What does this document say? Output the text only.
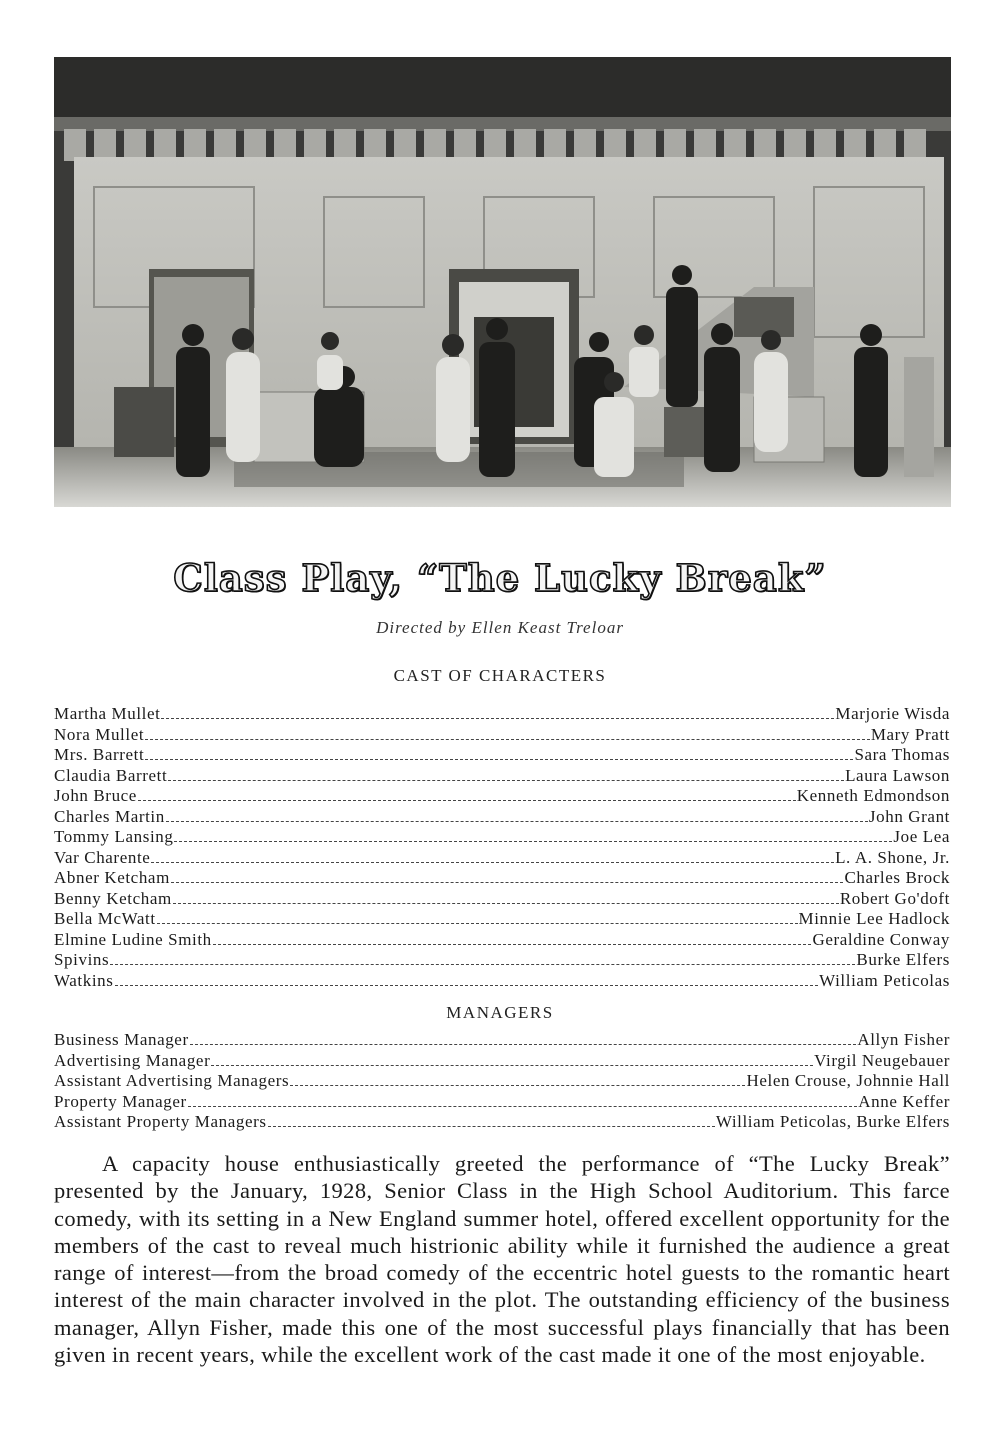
Class Play, “The Lucky Break”
Directed by Ellen Keast Treloar
CAST OF CHARACTERS
Martha Mullet	Marjorie Wisda
Nora Mullet	Mary Pratt
Mrs. Barrett	Sara Thomas
Claudia Barrett	Laura Lawson
John Bruce	Kenneth Edmondson
Charles Martin	John Grant
Tommy Lansing	Joe Lea
Var Charente	L. A. Shone, Jr.
Abner Ketcham	Charles Brock
Benny Ketcham	Robert Go'doft
Bella McWatt	Minnie Lee Hadlock
Elmine Ludine Smith	Geraldine Conway
Spivins	Burke Elfers
Watkins	William Peticolas
MANAGERS
Business Manager	Allyn Fisher
Advertising Manager	Virgil Neugebauer
Assistant Advertising Managers	Helen Crouse, Johnnie Hall
Property Manager	Anne Keffer
Assistant Property Managers	William Peticolas, Burke Elfers
A capacity house enthusiastically greeted the performance of “The Lucky Break” presented by the January, 1928, Senior Class in the High School Auditorium. This farce comedy, with its setting in a New England summer hotel, offered excellent opportunity for the members of the cast to reveal much histrionic ability while it furnished the audience a great range of interest—from the broad comedy of the eccentric hotel guests to the romantic heart interest of the main character involved in the plot. The outstanding efficiency of the business manager, Allyn Fisher, made this one of the most successful plays financially that has been given in recent years, while the excellent work of the cast made it one of the most enjoyable.
